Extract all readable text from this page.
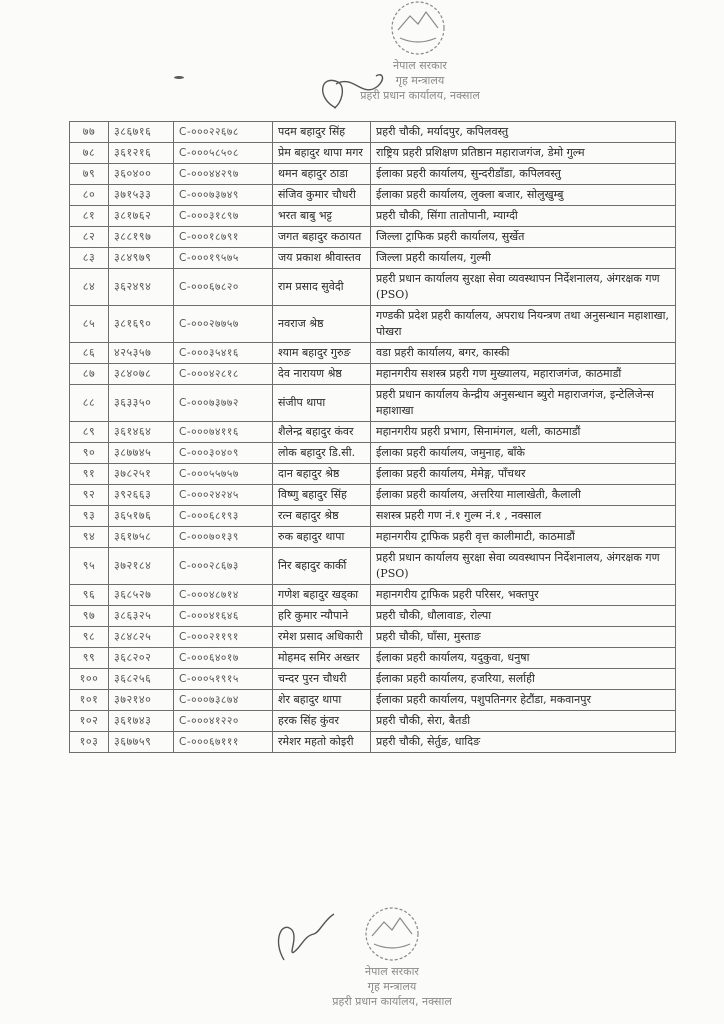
नेपाल सरकार
गृह मन्त्रालय
प्रहरी प्रधान कार्यालय, नक्साल
७७	३८६७१६	C-०००२२६७८	पदम बहादुर सिंह	प्रहरी चौकी, मर्यादपुर, कपिलवस्तु
७८	३६१२१६	C-०००५८५०८	प्रेम बहादुर थापा मगर	राष्ट्रिय प्रहरी प्रशिक्षण प्रतिष्ठान महाराजगंज, डेमो गुल्म
७९	३६०४००	C-०००४४२९७	थमन बहादुर ठाडा	ईलाका प्रहरी कार्यालय, सुन्दरीडाँडा, कपिलवस्तु
८०	३७१५३३	C-०००७३७४९	संजिव कुमार चौधरी	ईलाका प्रहरी कार्यालय, लुक्ला बजार, सोलुखुम्बु
८१	३८१७६२	C-०००३१८९७	भरत बाबु भट्ट	प्रहरी चौकी, सिंगा तातोपानी, म्याग्दी
८२	३८८१९७	C-०००१८७९१	जगत बहादुर कठायत	जिल्ला ट्राफिक प्रहरी कार्यालय, सुर्खेत
८३	३८४९७९	C-०००१९५७५	जय प्रकाश श्रीवास्तव	जिल्ला प्रहरी कार्यालय, गुल्मी
८४	३६२४९४	C-०००६७८२०	राम प्रसाद सुवेदी	प्रहरी प्रधान कार्यालय सुरक्षा सेवा व्यवस्थापन निर्देशनालय, अंगरक्षक गण (PSO)
८५	३८१६९०	C-०००२७७५७	नवराज श्रेष्ठ	गण्डकी प्रदेश प्रहरी कार्यालय, अपराध नियन्त्रण तथा अनुसन्धान महाशाखा, पोखरा
८६	४२५३५७	C-०००३५४१६	श्याम बहादुर गुरुङ	वडा प्रहरी कार्यालय, बगर, कास्की
८७	३८४०७८	C-०००४२८१८	देव नारायण श्रेष्ठ	महानगरीय सशस्त्र प्रहरी गण मुख्यालय, महाराजगंज, काठमाडौं
८८	३६३३५०	C-०००७३७७२	संजीप थापा	प्रहरी प्रधान कार्यालय केन्द्रीय अनुसन्धान ब्युरो महाराजगंज, इन्टेलिजेन्स महाशाखा
८९	३६१४६४	C-०००७४११६	शैलेन्द्र बहादुर कंवर	महानगरीय प्रहरी प्रभाग, सिनामंगल, थली, काठमाडौं
९०	३८७७४५	C-०००३०४०९	लोक बहादुर डि.सी.	ईलाका प्रहरी कार्यालय, जमुनाह, बाँके
९१	३७८२५१	C-०००५५७५७	दान बहादुर श्रेष्ठ	ईलाका प्रहरी कार्यालय, मेमेङ्ग, पाँचथर
९२	३९२६६३	C-०००२४२४५	विष्णु बहादुर सिंह	ईलाका प्रहरी कार्यालय, अत्तरिया मालाखेती, कैलाली
९३	३६५१७६	C-०००६८१९३	रत्न बहादुर श्रेष्ठ	सशस्त्र प्रहरी गण नं.१ गुल्म नं.१ , नक्साल
९४	३६१७५८	C-०००७०१३९	रुक बहादुर थापा	महानगरीय ट्राफिक प्रहरी वृत्त कालीमाटी, काठमाडौं
९५	३७२१८४	C-०००२८६७३	निर बहादुर कार्की	प्रहरी प्रधान कार्यालय सुरक्षा सेवा व्यवस्थापन निर्देशनालय, अंगरक्षक गण (PSO)
९६	३६८५२७	C-०००४८७१४	गणेश बहादुर खड्का	महानगरीय ट्राफिक प्रहरी परिसर, भक्तपुर
९७	३८६३२५	C-०००४१६४६	हरि कुमार न्यौपाने	प्रहरी चौकी, धौलावाङ, रोल्पा
९८	३८४८२५	C-०००२११९१	रमेश प्रसाद अधिकारी	प्रहरी चौकी, घाँसा, मुस्ताङ
९९	३६८२०२	C-०००६४०१७	मोहमद समिर अख्तर	ईलाका प्रहरी कार्यालय, यदुकुवा, धनुषा
१००	३६८२५६	C-०००५१९१५	चन्दर पुरन चौधरी	ईलाका प्रहरी कार्यालय, हजरिया, सर्लाही
१०१	३७२१४०	C-०००७३८७४	शेर बहादुर थापा	ईलाका प्रहरी कार्यालय, पशुपतिनगर हेटौंडा, मकवानपुर
१०२	३६१७४३	C-०००४१२२०	हरक सिंह कुंवर	प्रहरी चौकी, सेरा, बैतडी
१०३	३६७७५९	C-०००६७१११	रमेशर महतो कोइरी	प्रहरी चौकी, सेर्तुङ, धादिङ
नेपाल सरकार
गृह मन्त्रालय
प्रहरी प्रधान कार्यालय, नक्साल
